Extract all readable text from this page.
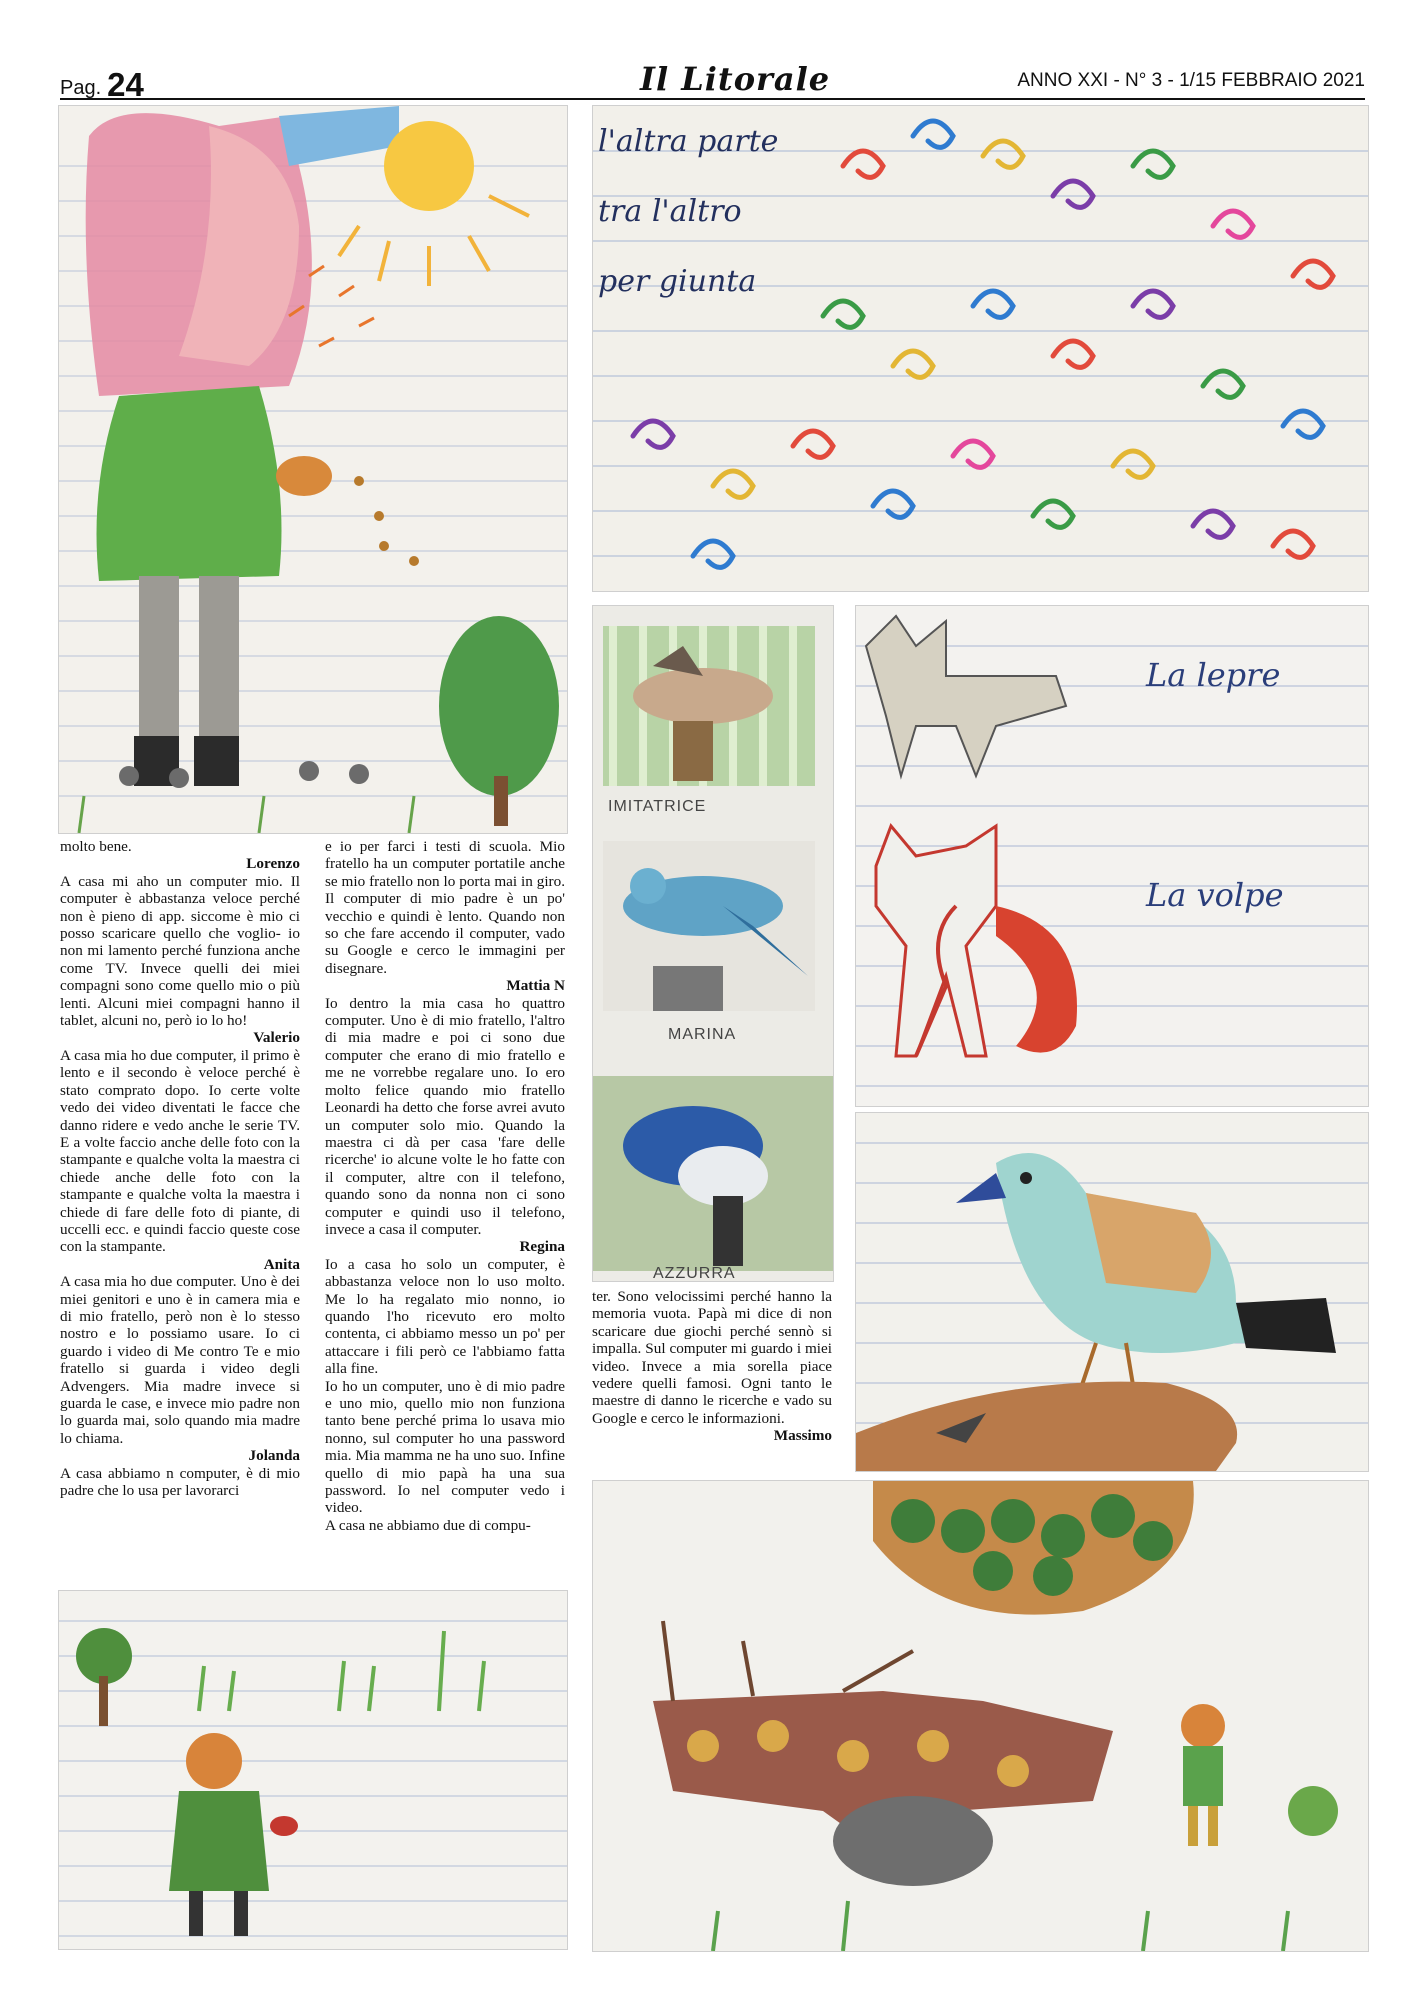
Pag. 24	Il Litorale	ANNO XXI - N° 3 - 1/15 FEBBRAIO 2021
l'altra parte
tra l'altro
per giunta
IMITATRICE
MARINA
AZZURRA
La lepre
La volpe

molto bene.

Lorenzo

A casa mi aho un computer mio. Il computer è abbastanza veloce perché non è pieno di app. siccome è mio ci posso scaricare quello che voglio- io non mi lamento perché funziona anche come TV. Invece quelli dei miei compagni sono come quello mio o più lenti. Alcuni miei compagni hanno il tablet, alcuni no, però io lo ho!

Valerio

A casa mia ho due computer, il primo è lento e il secondo è veloce perché è stato comprato dopo. Io certe volte vedo dei video diventati le facce che danno ridere e vedo anche le serie TV. E a volte faccio anche delle foto con la stampante e qualche volta la maestra ci chiede anche delle foto con la stampante e qualche volta la maestra i chiede di fare delle foto di piante, di uccelli ecc. e quindi faccio queste cose con la stampante.

Anita

A casa mia ho due computer. Uno è dei miei genitori e uno è in camera mia e di mio fratello, però non è lo stesso nostro e lo possiamo usare. Io ci guardo i video di Me contro Te e mio fratello si guarda i video degli Advengers. Mia madre invece si guarda le case, e invece mio padre non lo guarda mai, solo quando mia madre lo chiama.

Jolanda

A casa abbiamo n computer, è di mio padre che lo usa per lavorarci

e io per farci i testi di scuola. Mio fratello ha un computer portatile anche se mio fratello non lo porta mai in giro. Il computer di mio padre è un po' vecchio e quindi è lento. Quando non so che fare accendo il computer, vado su Google e cerco le immagini per disegnare.

Mattia N

Io dentro la mia casa ho quattro computer. Uno è di mio fratello, l'altro di mia madre e poi ci sono due computer che erano di mio fratello e me ne vorrebbe regalare uno. Io ero molto felice quando mio fratello Leonardi ha detto che forse avrei avuto un computer solo mio. Quando la maestra ci dà per casa 'fare delle ricerche' io alcune volte le ho fatte con il computer, altre con il telefono, quando sono da nonna non ci sono computer e quindi uso il telefono, invece a casa il computer.

Regina

Io a casa ho solo un computer, è abbastanza veloce non lo uso molto. Me lo ha regalato mio nonno, io quando l'ho ricevuto ero molto contenta, ci abbiamo messo un po' per attaccare i fili però ce l'abbiamo fatta alla fine.

Io ho un computer, uno è di mio padre e uno mio, quello mio non funziona tanto bene perché prima lo usava mio nonno, sul computer ho una password mia. Mia mamma ne ha uno suo. Infine quello di mio papà ha una sua password. Io nel computer vedo i video.

A casa ne abbiamo due di compu-

ter. Sono velocissimi perché hanno la memoria vuota. Papà mi dice di non scaricare due giochi perché sennò si impalla. Sul computer mi guardo i miei video. Invece a mia sorella piace vedere quelli famosi. Ogni tanto le maestre di danno le ricerche e vado su Google e cerco le informazioni.

Massimo
